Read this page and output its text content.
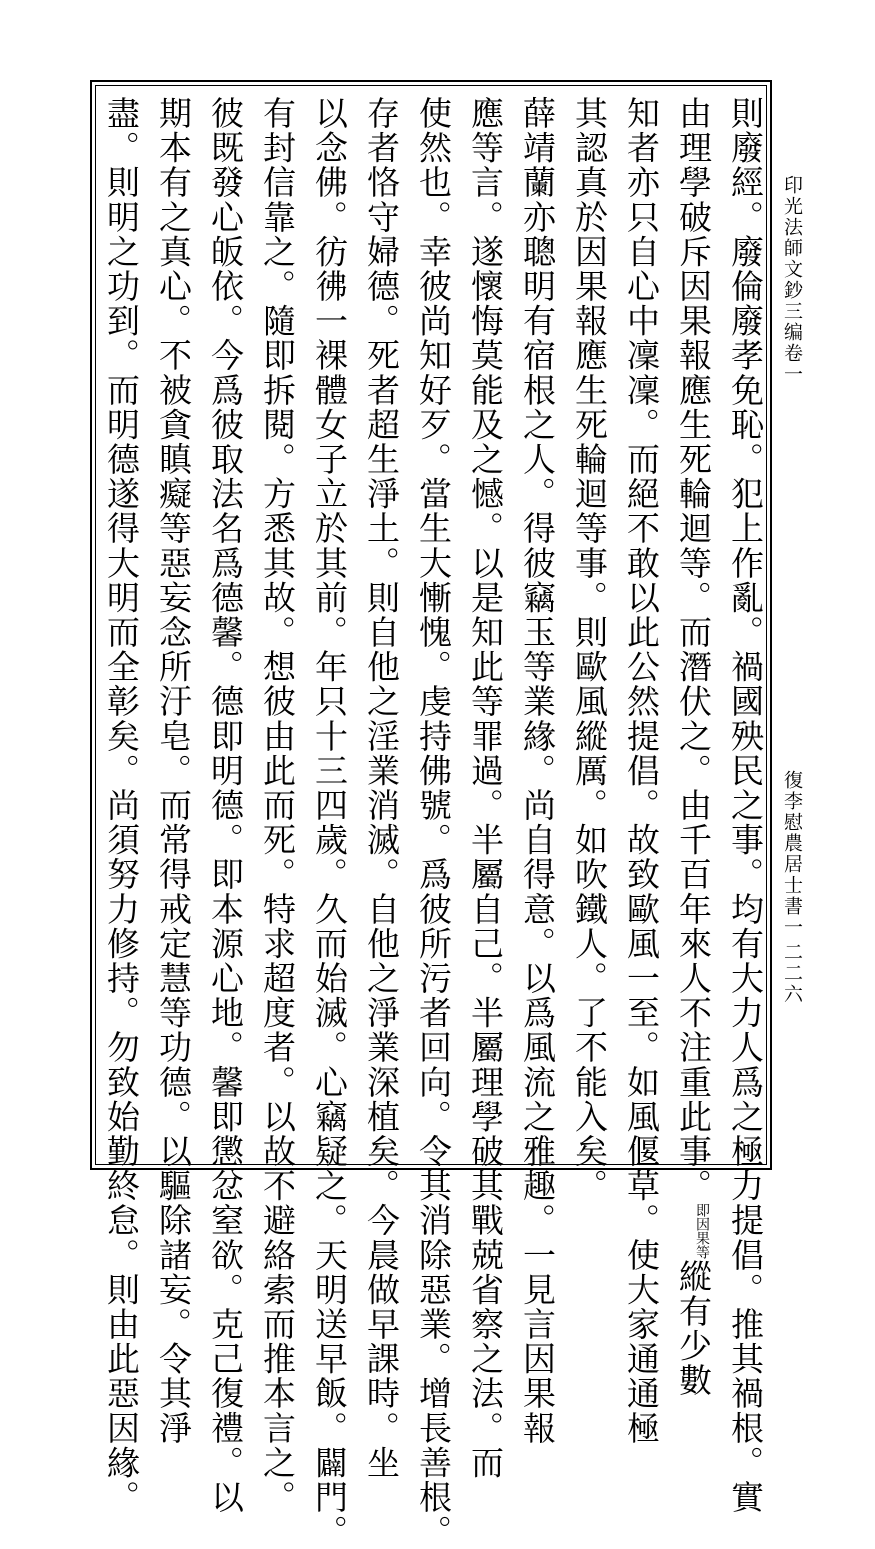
印光法師文鈔三编卷一
復李慰農居士書一
二二六
則廢經。廢倫廢孝免恥。犯上作亂。禍國殃民之事。均有大力人爲之極力提倡。推其禍根。實
由理學破斥因果報應生死輪迴等。而潛伏之。由千百年來人不注重此事。即因果等縱有少數
知者亦只自心中凜凜。而絕不敢以此公然提倡。故致歐風一至。如風偃草。使大家通通極
其認真於因果報應生死輪迴等事。則歐風縱厲。如吹鐵人。了不能入矣。
薛靖蘭亦聰明有宿根之人。得彼竊玉等業緣。尚自得意。以爲風流之雅趣。一見言因果報
應等言。遂懷悔莫能及之憾。以是知此等罪過。半屬自己。半屬理學破其戰兢省察之法。而
使然也。幸彼尚知好歹。當生大慚愧。虔持佛號。爲彼所污者回向。令其消除惡業。增長善根。
存者恪守婦德。死者超生淨土。則自他之淫業消滅。自他之淨業深植矣。今晨做早課時。坐
以念佛。彷彿一裸體女子立於其前。年只十三四歲。久而始滅。心竊疑之。天明送早飯。闢門。
有封信靠之。隨即拆閱。方悉其故。想彼由此而死。特求超度者。以故不避絡索而推本言之。
彼既發心皈依。今爲彼取法名爲德馨。德即明德。即本源心地。馨即懲忿窒欲。克己復禮。以
期本有之真心。不被貪瞋癡等惡妄念所汙皂。而常得戒定慧等功德。以驅除諸妄。令其淨
盡。則明之功到。而明德遂得大明而全彰矣。尚須努力修持。勿致始勤終怠。則由此惡因緣。
